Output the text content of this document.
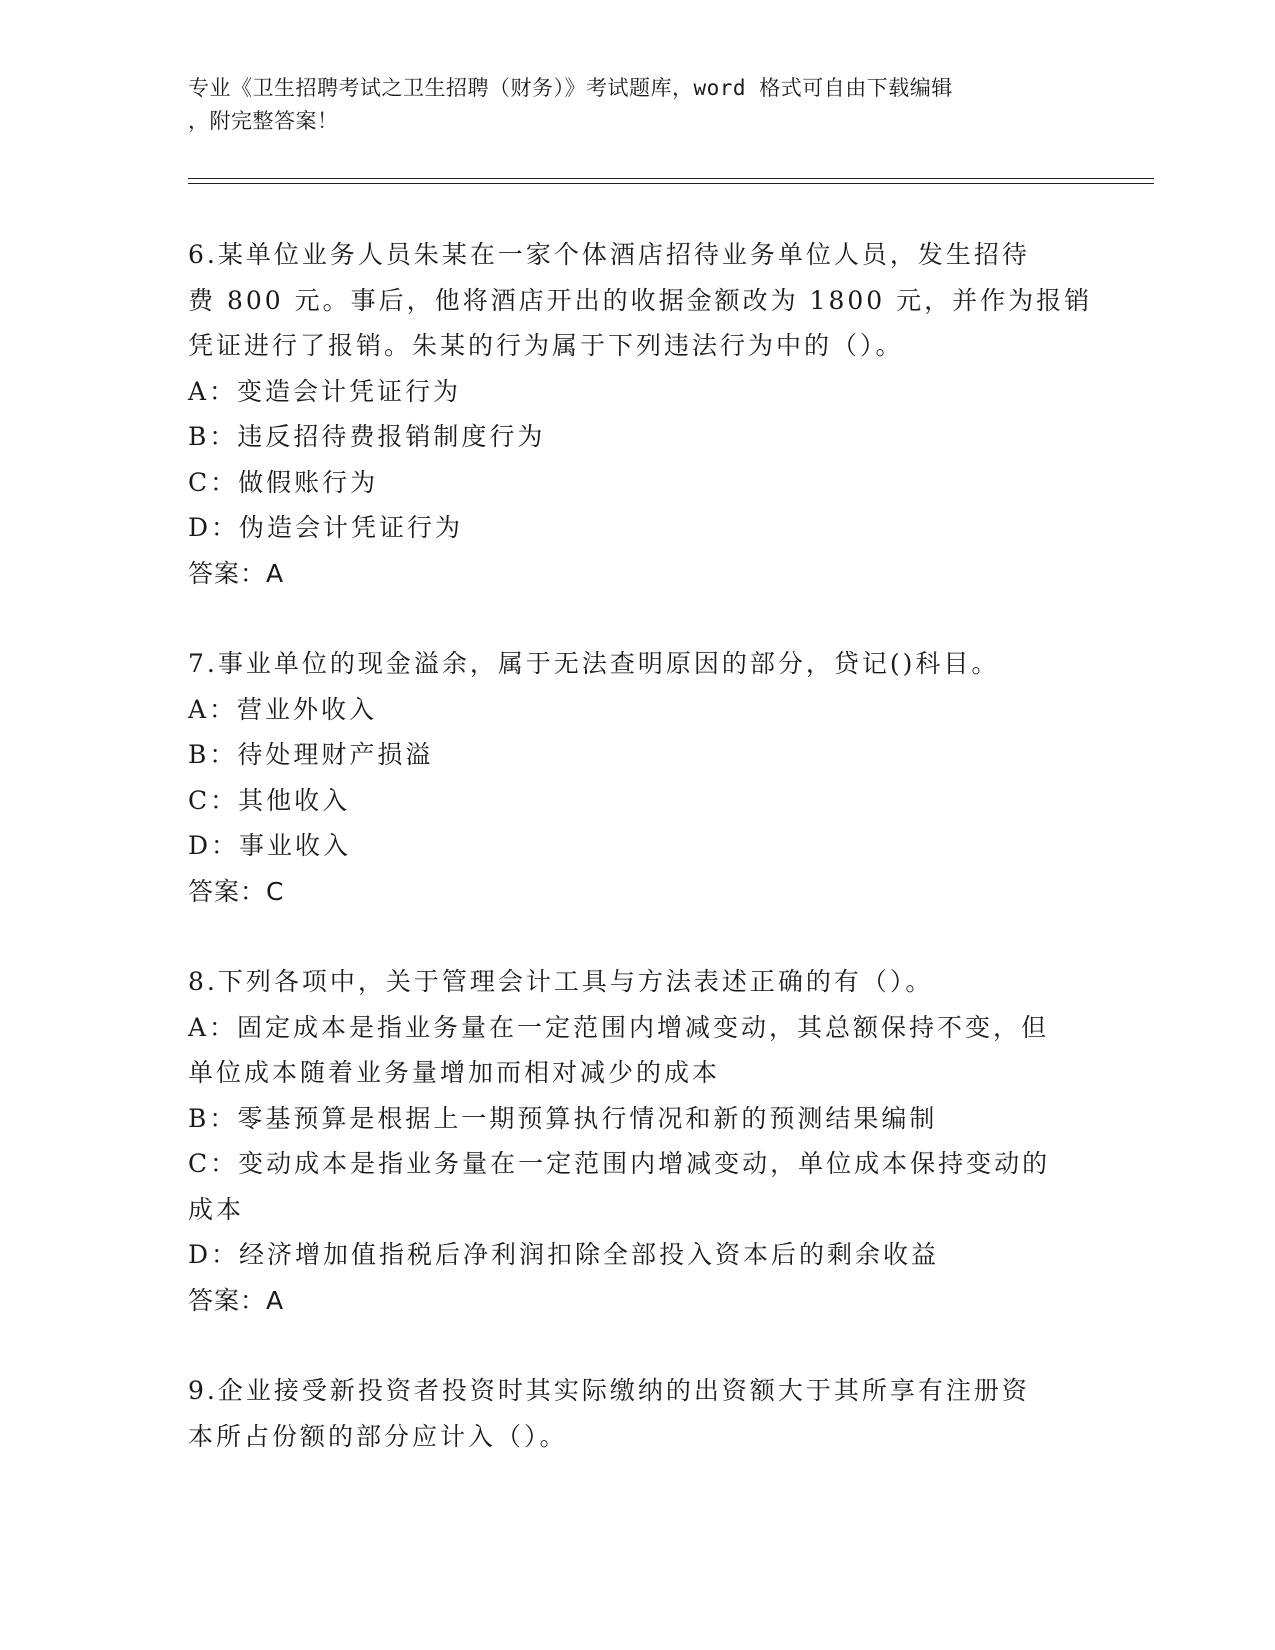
专业《卫生招聘考试之卫生招聘（财务）》考试题库，word 格式可自由下载编辑
，附完整答案！
6.某单位业务人员朱某在一家个体酒店招待业务单位人员，发生招待
费 800 元。事后，他将酒店开出的收据金额改为 1800 元，并作为报销
凭证进行了报销。朱某的行为属于下列违法行为中的（）。
A：变造会计凭证行为
B：违反招待费报销制度行为
C：做假账行为
D：伪造会计凭证行为
答案：A
7.事业单位的现金溢余，属于无法查明原因的部分，贷记()科目。
A：营业外收入
B：待处理财产损溢
C：其他收入
D：事业收入
答案：C
8.下列各项中，关于管理会计工具与方法表述正确的有（）。
A：固定成本是指业务量在一定范围内增减变动，其总额保持不变，但
单位成本随着业务量增加而相对减少的成本
B：零基预算是根据上一期预算执行情况和新的预测结果编制
C：变动成本是指业务量在一定范围内增减变动，单位成本保持变动的
成本
D：经济增加值指税后净利润扣除全部投入资本后的剩余收益
答案：A
9.企业接受新投资者投资时其实际缴纳的出资额大于其所享有注册资
本所占份额的部分应计入（）。
